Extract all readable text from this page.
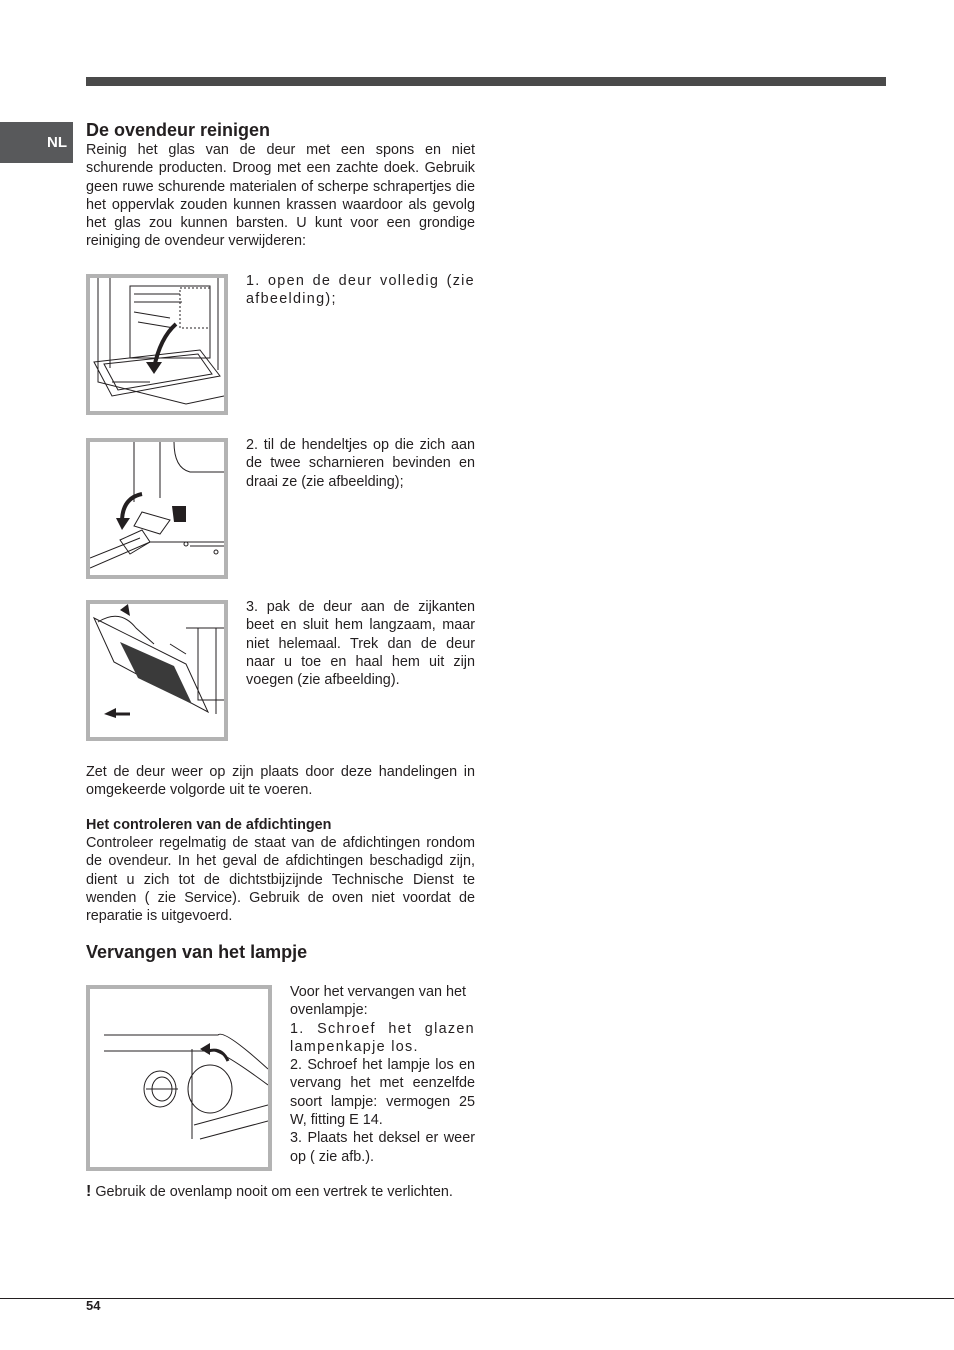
NL
De ovendeur reinigen

Reinig het glas van de deur met een spons en niet schurende producten. Droog met een zachte doek. Gebruik geen ruwe schurende materialen of scherpe schrapertjes die het oppervlak zouden kunnen krassen waardoor als gevolg het glas zou kunnen barsten. U kunt voor een grondige reiniging de ovendeur verwijderen:

1. open de deur volledig (zie afbeelding);

2. til de hendeltjes op die zich aan de twee scharnieren bevinden en draai ze (zie afbeelding);

3. pak de deur aan de zijkanten beet en sluit hem langzaam, maar niet helemaal. Trek dan de deur naar u toe en haal hem uit zijn voegen (zie afbeelding).

Zet de deur weer op zijn plaats door deze handelingen in omgekeerde volgorde uit te voeren.

Het controleren van de afdichtingen

Controleer regelmatig de staat van de afdichtingen rondom de ovendeur. In het geval de afdichtingen beschadigd zijn, dient u zich tot de dichtstbijzijnde Technische Dienst te wenden ( zie Service). Gebruik de oven niet voordat de reparatie is uitgevoerd.

Vervangen van het lampje

Voor het vervangen van het ovenlampje:

1. Schroef het glazen lampenkapje los.

2. Schroef het lampje los en vervang het met eenzelfde soort lampje: vermogen 25 W, fitting E 14.

3. Plaats het deksel er weer op ( zie afb.).

! Gebruik de ovenlamp nooit om een vertrek te verlichten.
54
